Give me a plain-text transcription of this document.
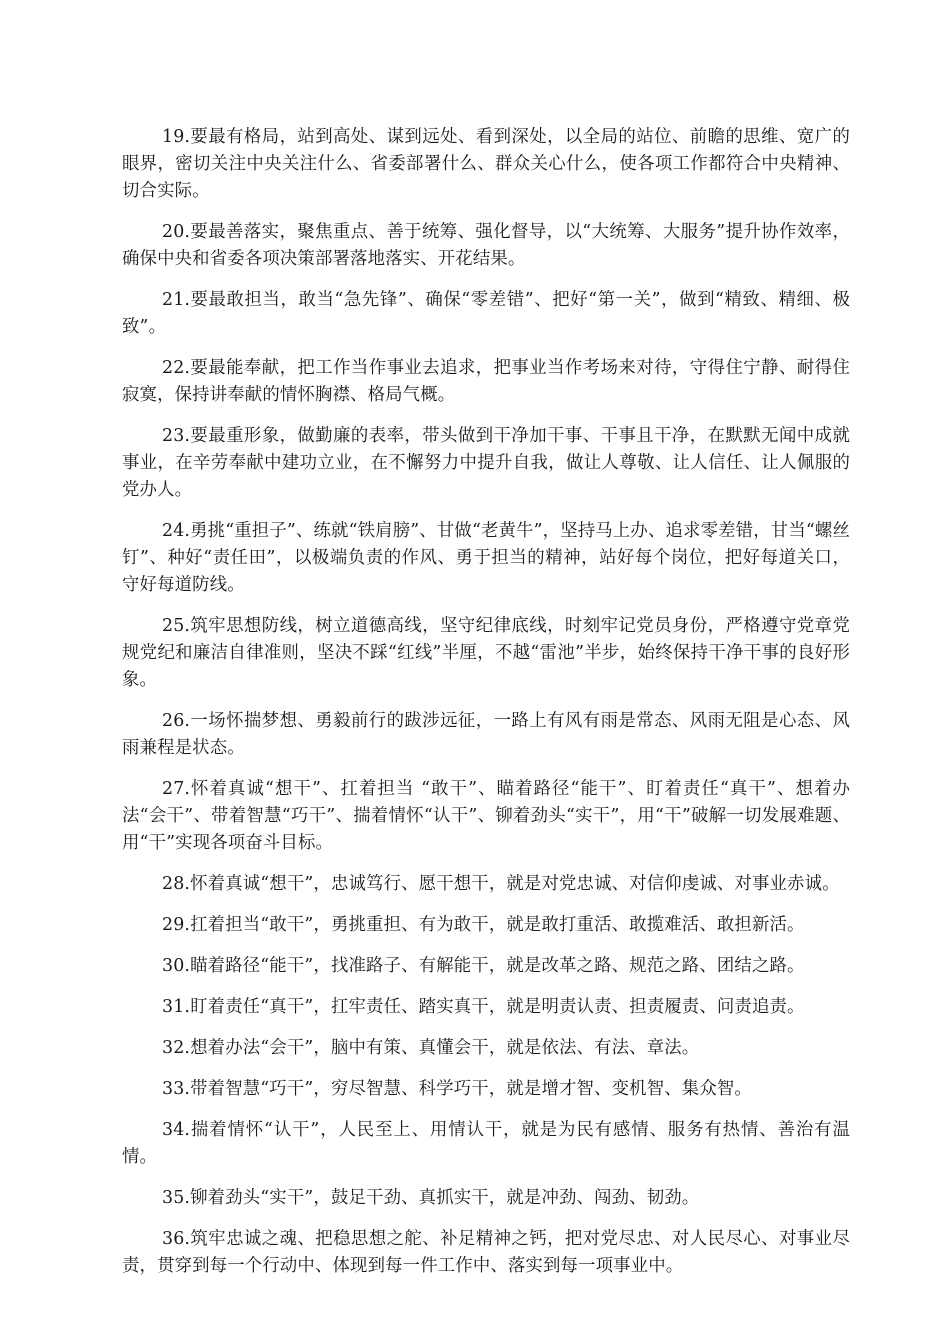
19.要最有格局，站到高处、谋到远处、看到深处，以全局的站位、前瞻的思维、宽广的眼界，密切关注中央关注什么、省委部署什么、群众关心什么，使各项工作都符合中央精神、切合实际。

20.要最善落实，聚焦重点、善于统筹、强化督导，以“大统筹、大服务”提升协作效率，确保中央和省委各项决策部署落地落实、开花结果。

21.要最敢担当，敢当“急先锋”、确保“零差错”、把好“第一关”，做到“精致、精细、极致”。

22.要最能奉献，把工作当作事业去追求，把事业当作考场来对待，守得住宁静、耐得住寂寞，保持讲奉献的情怀胸襟、格局气概。

23.要最重形象，做勤廉的表率，带头做到干净加干事、干事且干净，在默默无闻中成就事业，在辛劳奉献中建功立业，在不懈努力中提升自我，做让人尊敬、让人信任、让人佩服的党办人。

24.勇挑“重担子”、练就“铁肩膀”、甘做“老黄牛”，坚持马上办、追求零差错，甘当“螺丝钉”、种好“责任田”，以极端负责的作风、勇于担当的精神，站好每个岗位，把好每道关口，守好每道防线。

25.筑牢思想防线，树立道德高线，坚守纪律底线，时刻牢记党员身份，严格遵守党章党规党纪和廉洁自律准则，坚决不踩“红线”半厘，不越“雷池”半步，始终保持干净干事的良好形象。

26.一场怀揣梦想、勇毅前行的跋涉远征，一路上有风有雨是常态、风雨无阻是心态、风雨兼程是状态。

27.怀着真诚“想干”、扛着担当 “敢干”、瞄着路径“能干”、盯着责任“真干”、想着办法“会干”、带着智慧“巧干”、揣着情怀“认干”、铆着劲头“实干”，用“干”破解一切发展难题、用“干”实现各项奋斗目标。

28.怀着真诚“想干”，忠诚笃行、愿干想干，就是对党忠诚、对信仰虔诚、对事业赤诚。

29.扛着担当“敢干”，勇挑重担、有为敢干，就是敢打重活、敢揽难活、敢担新活。

30.瞄着路径“能干”，找准路子、有解能干，就是改革之路、规范之路、团结之路。

31.盯着责任“真干”，扛牢责任、踏实真干，就是明责认责、担责履责、问责追责。

32.想着办法“会干”，脑中有策、真懂会干，就是依法、有法、章法。

33.带着智慧“巧干”，穷尽智慧、科学巧干，就是增才智、变机智、集众智。

34.揣着情怀“认干”，人民至上、用情认干，就是为民有感情、服务有热情、善治有温情。

35.铆着劲头“实干”，鼓足干劲、真抓实干，就是冲劲、闯劲、韧劲。

36.筑牢忠诚之魂、把稳思想之舵、补足精神之钙，把对党尽忠、对人民尽心、对事业尽责，贯穿到每一个行动中、体现到每一件工作中、落实到每一项事业中。
